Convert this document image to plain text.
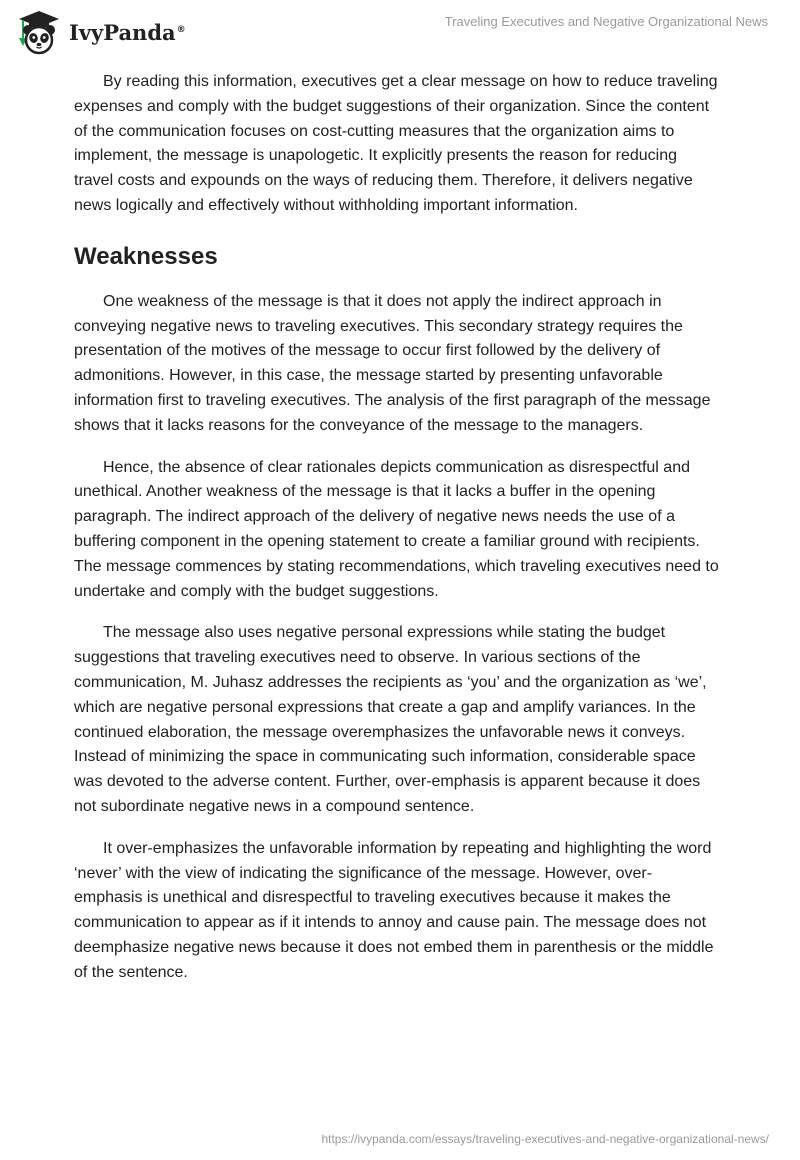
IvyPanda®
Traveling Executives and Negative Organizational News

By reading this information, executives get a clear message on how to reduce traveling expenses and comply with the budget suggestions of their organization. Since the content of the communication focuses on cost-cutting measures that the organization aims to implement, the message is unapologetic. It explicitly presents the reason for reducing travel costs and expounds on the ways of reducing them. Therefore, it delivers negative news logically and effectively without withholding important information.

Weaknesses

One weakness of the message is that it does not apply the indirect approach in conveying negative news to traveling executives. This secondary strategy requires the presentation of the motives of the message to occur first followed by the delivery of admonitions. However, in this case, the message started by presenting unfavorable information first to traveling executives. The analysis of the first paragraph of the message shows that it lacks reasons for the conveyance of the message to the managers.

Hence, the absence of clear rationales depicts communication as disrespectful and unethical. Another weakness of the message is that it lacks a buffer in the opening paragraph. The indirect approach of the delivery of negative news needs the use of a buffering component in the opening statement to create a familiar ground with recipients. The message commences by stating recommendations, which traveling executives need to undertake and comply with the budget suggestions.

The message also uses negative personal expressions while stating the budget suggestions that traveling executives need to observe. In various sections of the communication, M. Juhasz addresses the recipients as ‘you’ and the organization as ‘we’, which are negative personal expressions that create a gap and amplify variances. In the continued elaboration, the message overemphasizes the unfavorable news it conveys. Instead of minimizing the space in communicating such information, considerable space was devoted to the adverse content. Further, over-emphasis is apparent because it does not subordinate negative news in a compound sentence.

It over-emphasizes the unfavorable information by repeating and highlighting the word ‘never’ with the view of indicating the significance of the message. However, over-emphasis is unethical and disrespectful to traveling executives because it makes the communication to appear as if it intends to annoy and cause pain. The message does not deemphasize negative news because it does not embed them in parenthesis or the middle of the sentence.

https://ivypanda.com/essays/traveling-executives-and-negative-organizational-news/
